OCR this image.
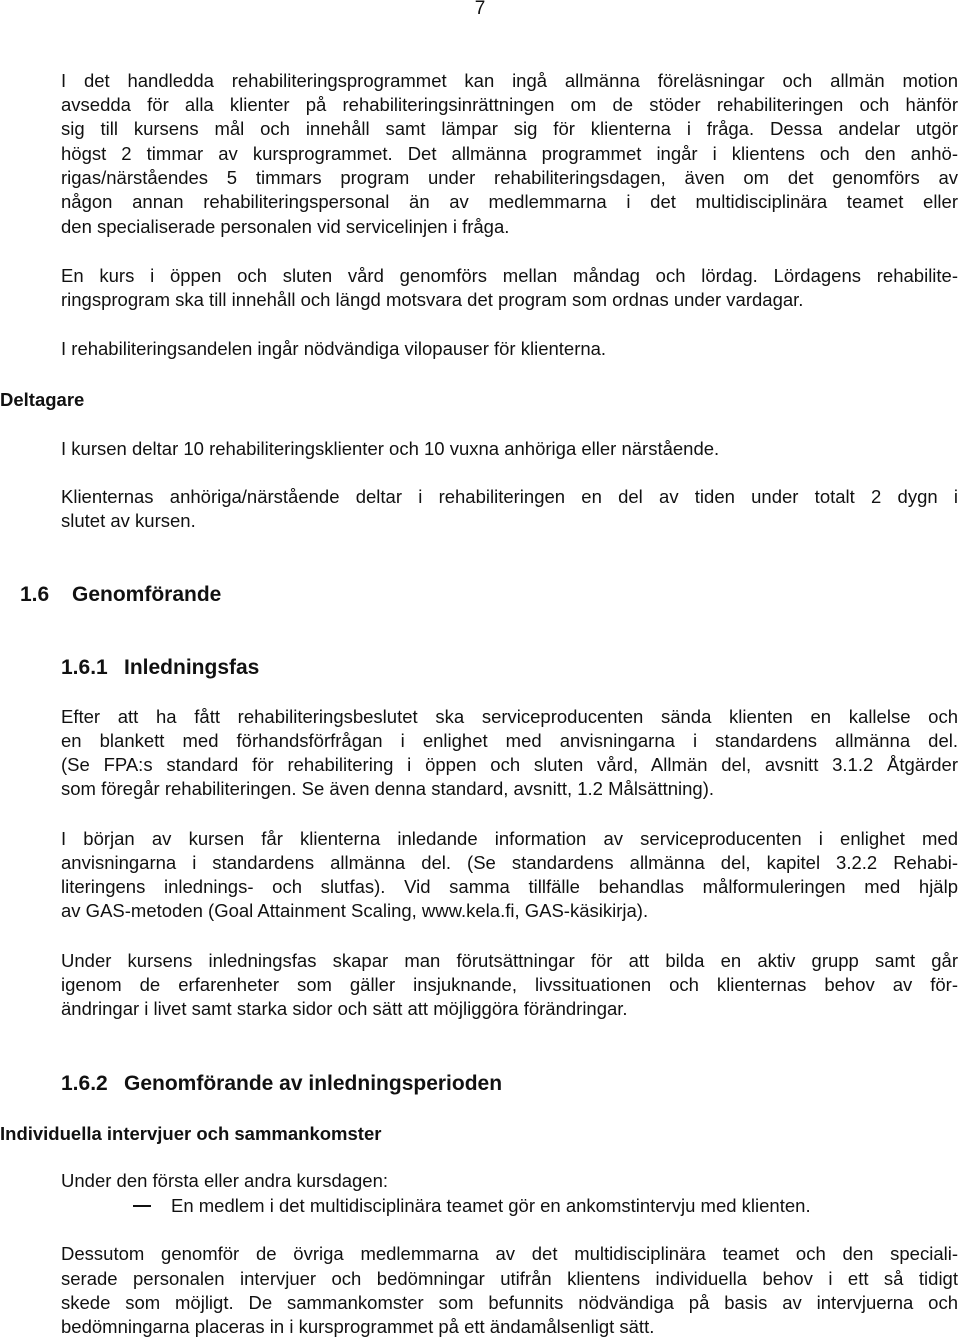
7
I det handledda rehabiliteringsprogrammet kan ingå allmänna föreläsningar och allmän motion
avsedda för alla klienter på rehabiliteringsinrättningen om de stöder rehabiliteringen och hänför
sig till kursens mål och innehåll samt lämpar sig för klienterna i fråga. Dessa andelar utgör
högst 2 timmar av kursprogrammet. Det allmänna programmet ingår i klientens och den anhö-
rigas/närståendes 5 timmars program under rehabiliteringsdagen, även om det genomförs av
någon annan rehabiliteringspersonal än av medlemmarna i det multidisciplinära teamet eller
den specialiserade personalen vid servicelinjen i fråga.
En kurs i öppen och sluten vård genomförs mellan måndag och lördag. Lördagens rehabilite-
ringsprogram ska till innehåll och längd motsvara det program som ordnas under vardagar.
I rehabiliteringsandelen ingår nödvändiga vilopauser för klienterna.
Deltagare
I kursen deltar 10 rehabiliteringsklienter och 10 vuxna anhöriga eller närstående.
Klienternas anhöriga/närstående deltar i rehabiliteringen en del av tiden under totalt 2 dygn i
slutet av kursen.
1.6 Genomförande
1.6.1 Inledningsfas
Efter att ha fått rehabiliteringsbeslutet ska serviceproducenten sända klienten en kallelse och
en blankett med förhandsförfrågan i enlighet med anvisningarna i standardens allmänna del.
(Se FPA:s standard för rehabilitering i öppen och sluten vård, Allmän del, avsnitt 3.1.2 Åtgärder
som föregår rehabiliteringen. Se även denna standard, avsnitt, 1.2 Målsättning).
I början av kursen får klienterna inledande information av serviceproducenten i enlighet med
anvisningarna i standardens allmänna del. (Se standardens allmänna del, kapitel 3.2.2 Rehabi-
literingens inlednings- och slutfas). Vid samma tillfälle behandlas målformuleringen med hjälp
av GAS-metoden (Goal Attainment Scaling, www.kela.fi, GAS-käsikirja).
Under kursens inledningsfas skapar man förutsättningar för att bilda en aktiv grupp samt går
igenom de erfarenheter som gäller insjuknande, livssituationen och klienternas behov av för-
ändringar i livet samt starka sidor och sätt att möjliggöra förändringar.
1.6.2 Genomförande av inledningsperioden
Individuella intervjuer och sammankomster
Under den första eller andra kursdagen:
En medlem i det multidisciplinära teamet gör en ankomstintervju med klienten.
Dessutom genomför de övriga medlemmarna av det multidisciplinära teamet och den speciali-
serade personalen intervjuer och bedömningar utifrån klientens individuella behov i ett så tidigt
skede som möjligt. De sammankomster som befunnits nödvändiga på basis av intervjuerna och
bedömningarna placeras in i kursprogrammet på ett ändamålsenligt sätt.
